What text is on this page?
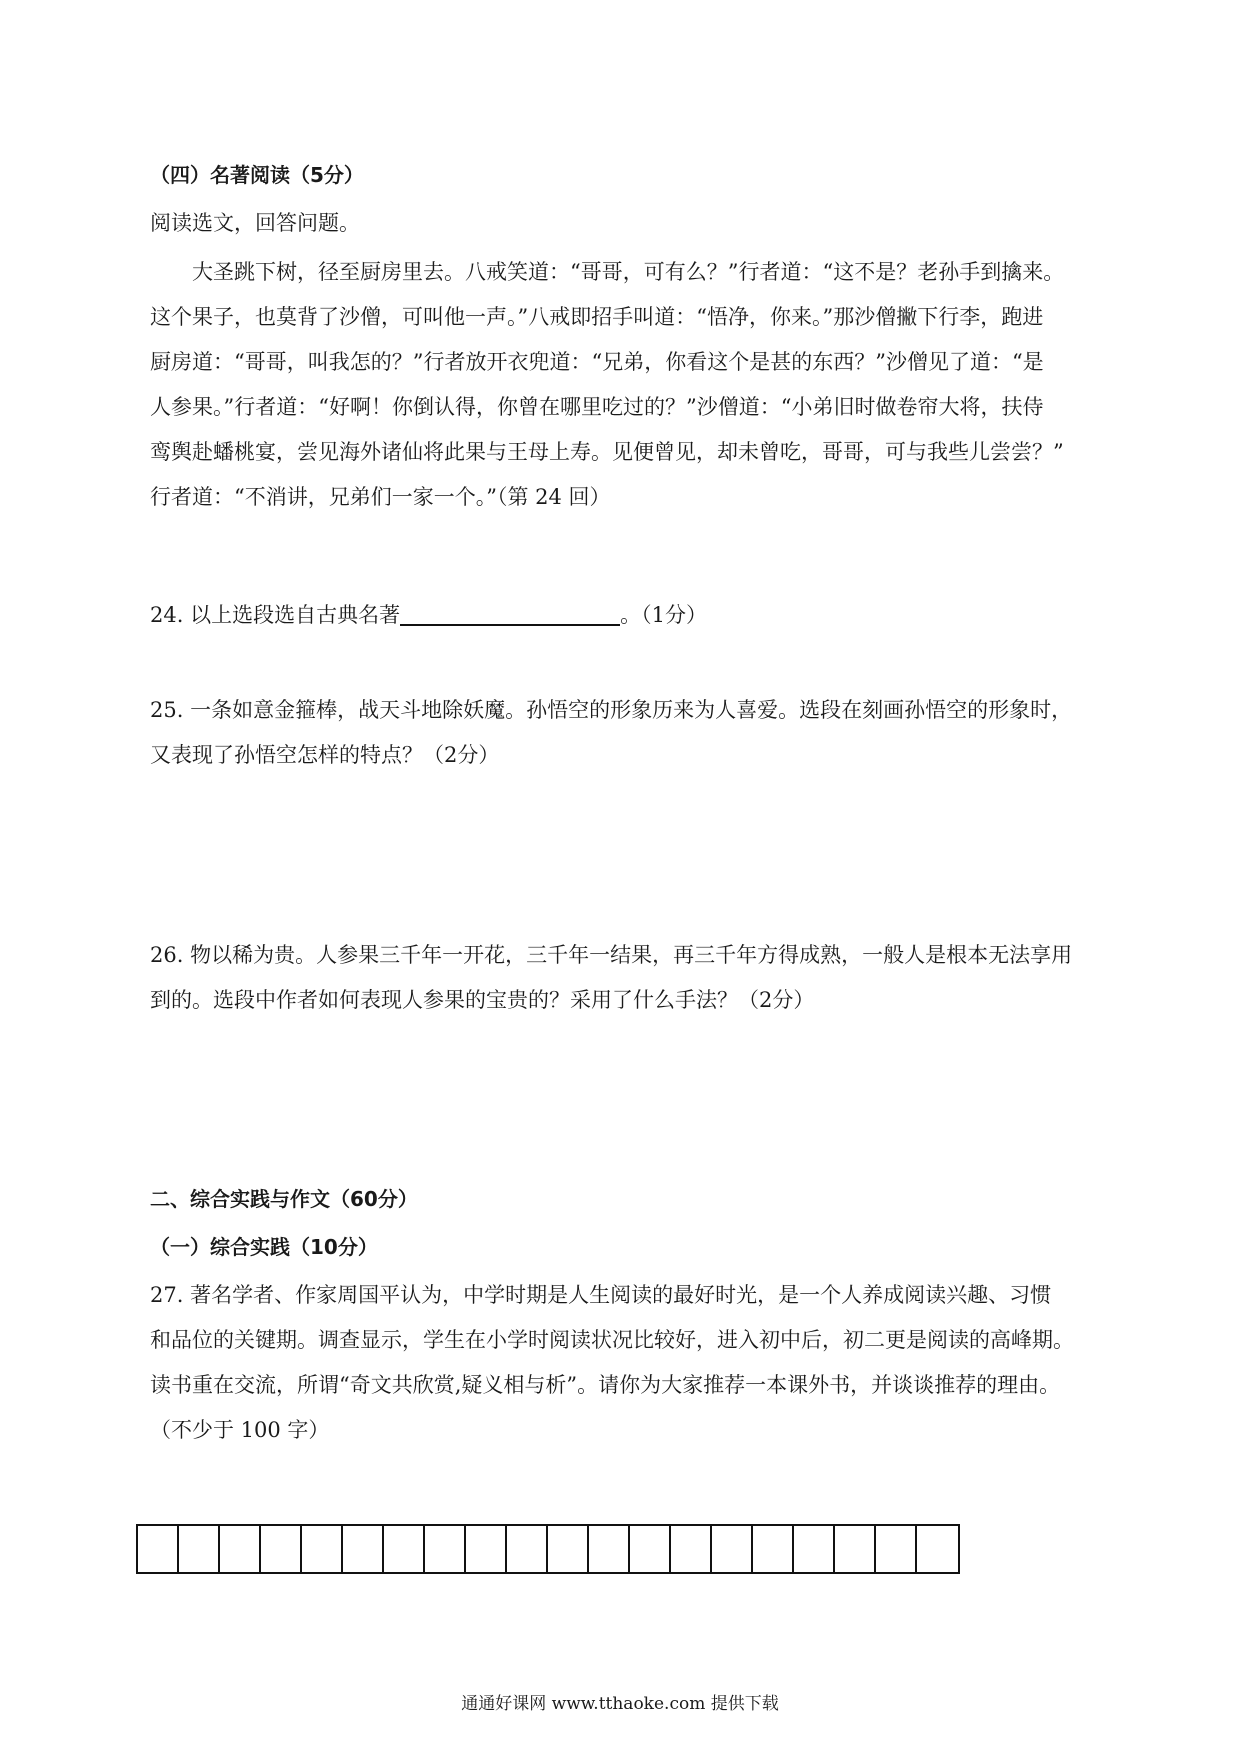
（四）名著阅读（5分）
阅读选文，回答问题。
　　大圣跳下树，径至厨房里去。八戒笑道：“哥哥，可有么？”行者道：“这不是？老孙手到擒来。
这个果子，也莫背了沙僧，可叫他一声。”八戒即招手叫道：“悟净，你来。”那沙僧撇下行李，跑进
厨房道：“哥哥，叫我怎的？”行者放开衣兜道：“兄弟，你看这个是甚的东西？”沙僧见了道：“是
人参果。”行者道：“好啊！你倒认得，你曾在哪里吃过的？”沙僧道：“小弟旧时做卷帘大将，扶侍
鸾舆赴蟠桃宴，尝见海外诸仙将此果与王母上寿。见便曾见，却未曾吃，哥哥，可与我些儿尝尝？”
行者道：“不消讲，兄弟们一家一个。”（第 24 回）
24. 以上选段选自古典名著	。（1分）
25. 一条如意金箍棒，战天斗地除妖魔。孙悟空的形象历来为人喜爱。选段在刻画孙悟空的形象时，
又表现了孙悟空怎样的特点？（2分）
26. 物以稀为贵。人参果三千年一开花，三千年一结果，再三千年方得成熟，一般人是根本无法享用
到的。选段中作者如何表现人参果的宝贵的？采用了什么手法？（2分）
二、综合实践与作文（60分）
（一）综合实践（10分）
27. 著名学者、作家周国平认为，中学时期是人生阅读的最好时光，是一个人养成阅读兴趣、习惯
和品位的关键期。调查显示，学生在小学时阅读状况比较好，进入初中后，初二更是阅读的高峰期。
读书重在交流，所谓“奇文共欣赏,疑义相与析”。请你为大家推荐一本课外书，并谈谈推荐的理由。
（不少于 100 字）
通通好课网 www.tthaoke.com 提供下载
